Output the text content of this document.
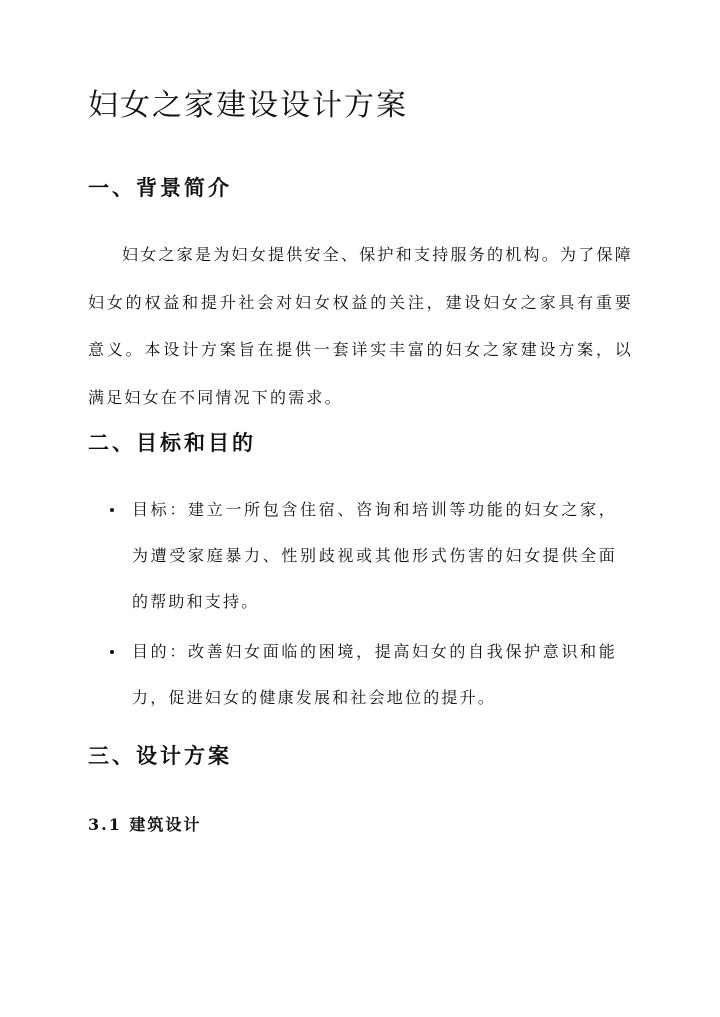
妇女之家建设设计方案
一、背景简介

妇女之家是为妇女提供安全、保护和支持服务的机构。为了保障妇女的权益和提升社会对妇女权益的关注，建设妇女之家具有重要意义。本设计方案旨在提供一套详实丰富的妇女之家建设方案，以满足妇女在不同情况下的需求。

二、目标和目的

目标：建立一所包含住宿、咨询和培训等功能的妇女之家，为遭受家庭暴力、性别歧视或其他形式伤害的妇女提供全面的帮助和支持。

目的：改善妇女面临的困境，提高妇女的自我保护意识和能力，促进妇女的健康发展和社会地位的提升。

三、设计方案
3.1 建筑设计
